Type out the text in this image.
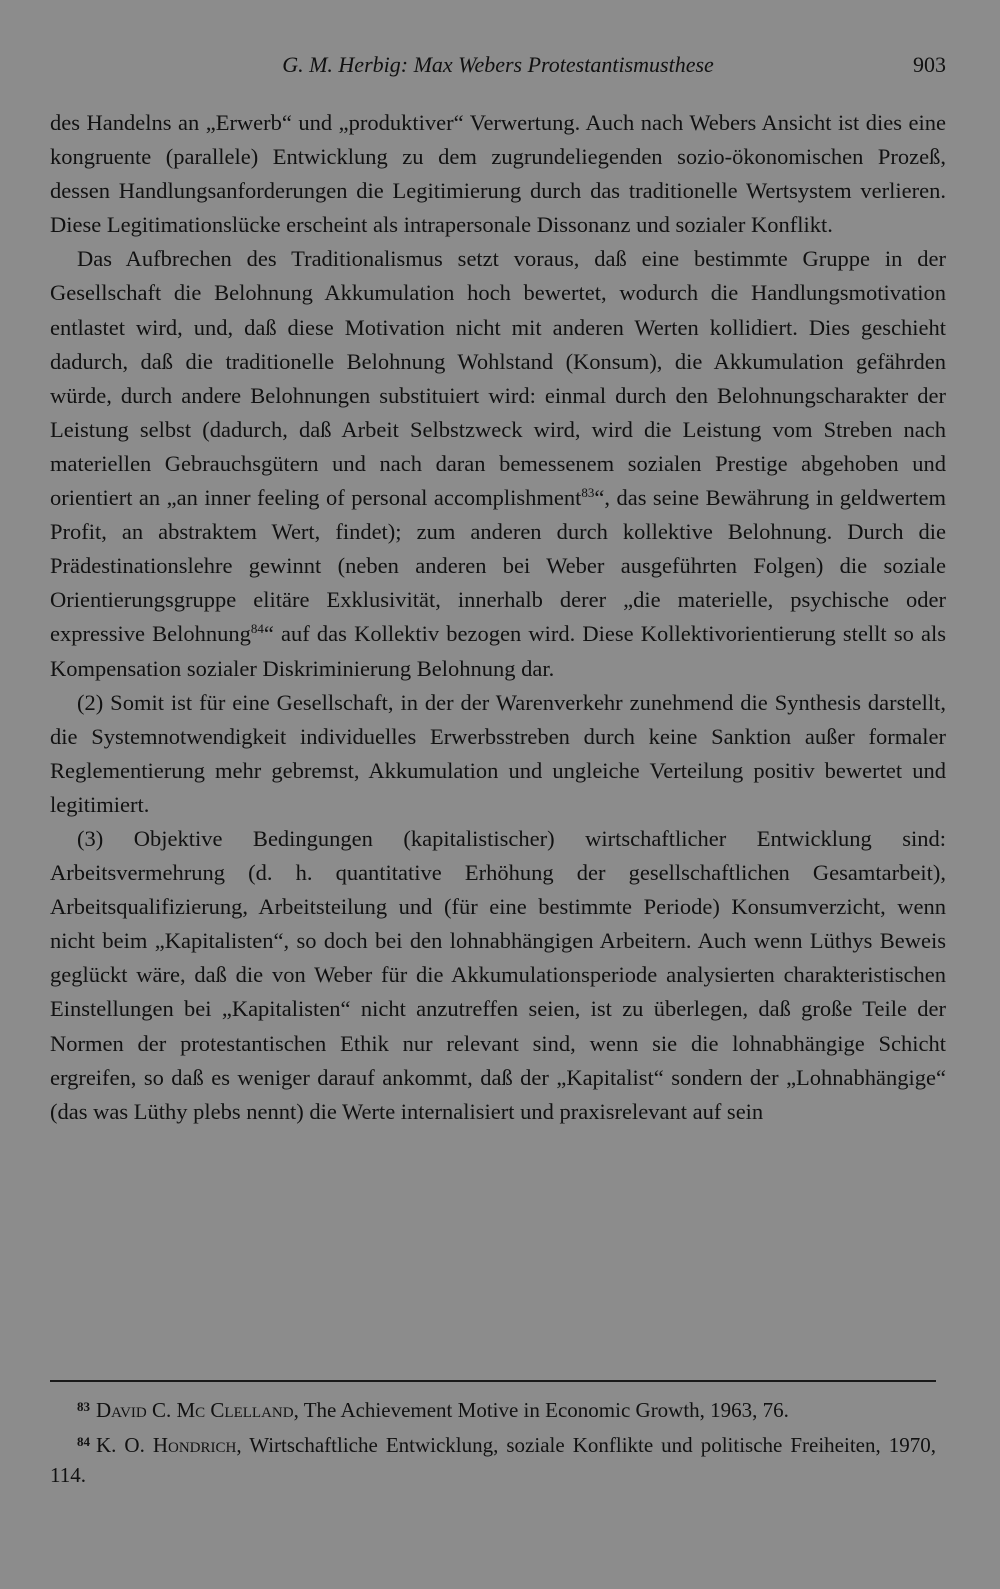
G. M. Herbig: Max Webers Protestantismusthese	903

des Handelns an „Erwerb“ und „produktiver“ Verwertung. Auch nach Webers Ansicht ist dies eine kongruente (parallele) Entwicklung zu dem zugrundeliegenden sozio-ökonomischen Prozeß, dessen Handlungsanforderungen die Legitimierung durch das traditionelle Wertsystem verlieren. Diese Legitimationslücke erscheint als intrapersonale Dissonanz und sozialer Konflikt.

Das Aufbrechen des Traditionalismus setzt voraus, daß eine bestimmte Gruppe in der Gesellschaft die Belohnung Akkumulation hoch bewertet, wodurch die Handlungsmotivation entlastet wird, und, daß diese Motivation nicht mit anderen Werten kollidiert. Dies geschieht dadurch, daß die traditionelle Belohnung Wohlstand (Konsum), die Akkumulation gefährden würde, durch andere Belohnungen substituiert wird: einmal durch den Belohnungscharakter der Leistung selbst (dadurch, daß Arbeit Selbstzweck wird, wird die Leistung vom Streben nach materiellen Gebrauchsgütern und nach daran bemessenem sozialen Prestige abgehoben und orientiert an „an inner feeling of personal accomplishment$^{83}$“, das seine Bewährung in geldwertem Profit, an abstraktem Wert, findet); zum anderen durch kollektive Belohnung. Durch die Prädestinationslehre gewinnt (neben anderen bei Weber ausgeführten Folgen) die soziale Orientierungsgruppe elitäre Exklusivität, innerhalb derer „die materielle, psychische oder expressive Belohnung$^{84}$“ auf das Kollektiv bezogen wird. Diese Kollektivorientierung stellt so als Kompensation sozialer Diskriminierung Belohnung dar.

(2) Somit ist für eine Gesellschaft, in der der Warenverkehr zunehmend die Synthesis darstellt, die Systemnotwendigkeit individuelles Erwerbsstreben durch keine Sanktion außer formaler Reglementierung mehr gebremst, Akkumulation und ungleiche Verteilung positiv bewertet und legitimiert.

(3) Objektive Bedingungen (kapitalistischer) wirtschaftlicher Entwicklung sind: Arbeitsvermehrung (d. h. quantitative Erhöhung der gesellschaftlichen Gesamtarbeit), Arbeitsqualifizierung, Arbeitsteilung und (für eine bestimmte Periode) Konsumverzicht, wenn nicht beim „Kapitalisten“, so doch bei den lohnabhängigen Arbeitern. Auch wenn Lüthys Beweis geglückt wäre, daß die von Weber für die Akkumulationsperiode analysierten charakteristischen Einstellungen bei „Kapitalisten“ nicht anzutreffen seien, ist zu überlegen, daß große Teile der Normen der protestantischen Ethik nur relevant sind, wenn sie die lohnabhängige Schicht ergreifen, so daß es weniger darauf ankommt, daß der „Kapitalist“ sondern der „Lohnabhängige“ (das was Lüthy plebs nennt) die Werte internalisiert und praxisrelevant auf sein

$^{83}$ David C. Mc Clelland, The Achievement Motive in Economic Growth, 1963, 76.

$^{84}$ K. O. Hondrich, Wirtschaftliche Entwicklung, soziale Konflikte und politische Freiheiten, 1970, 114.
